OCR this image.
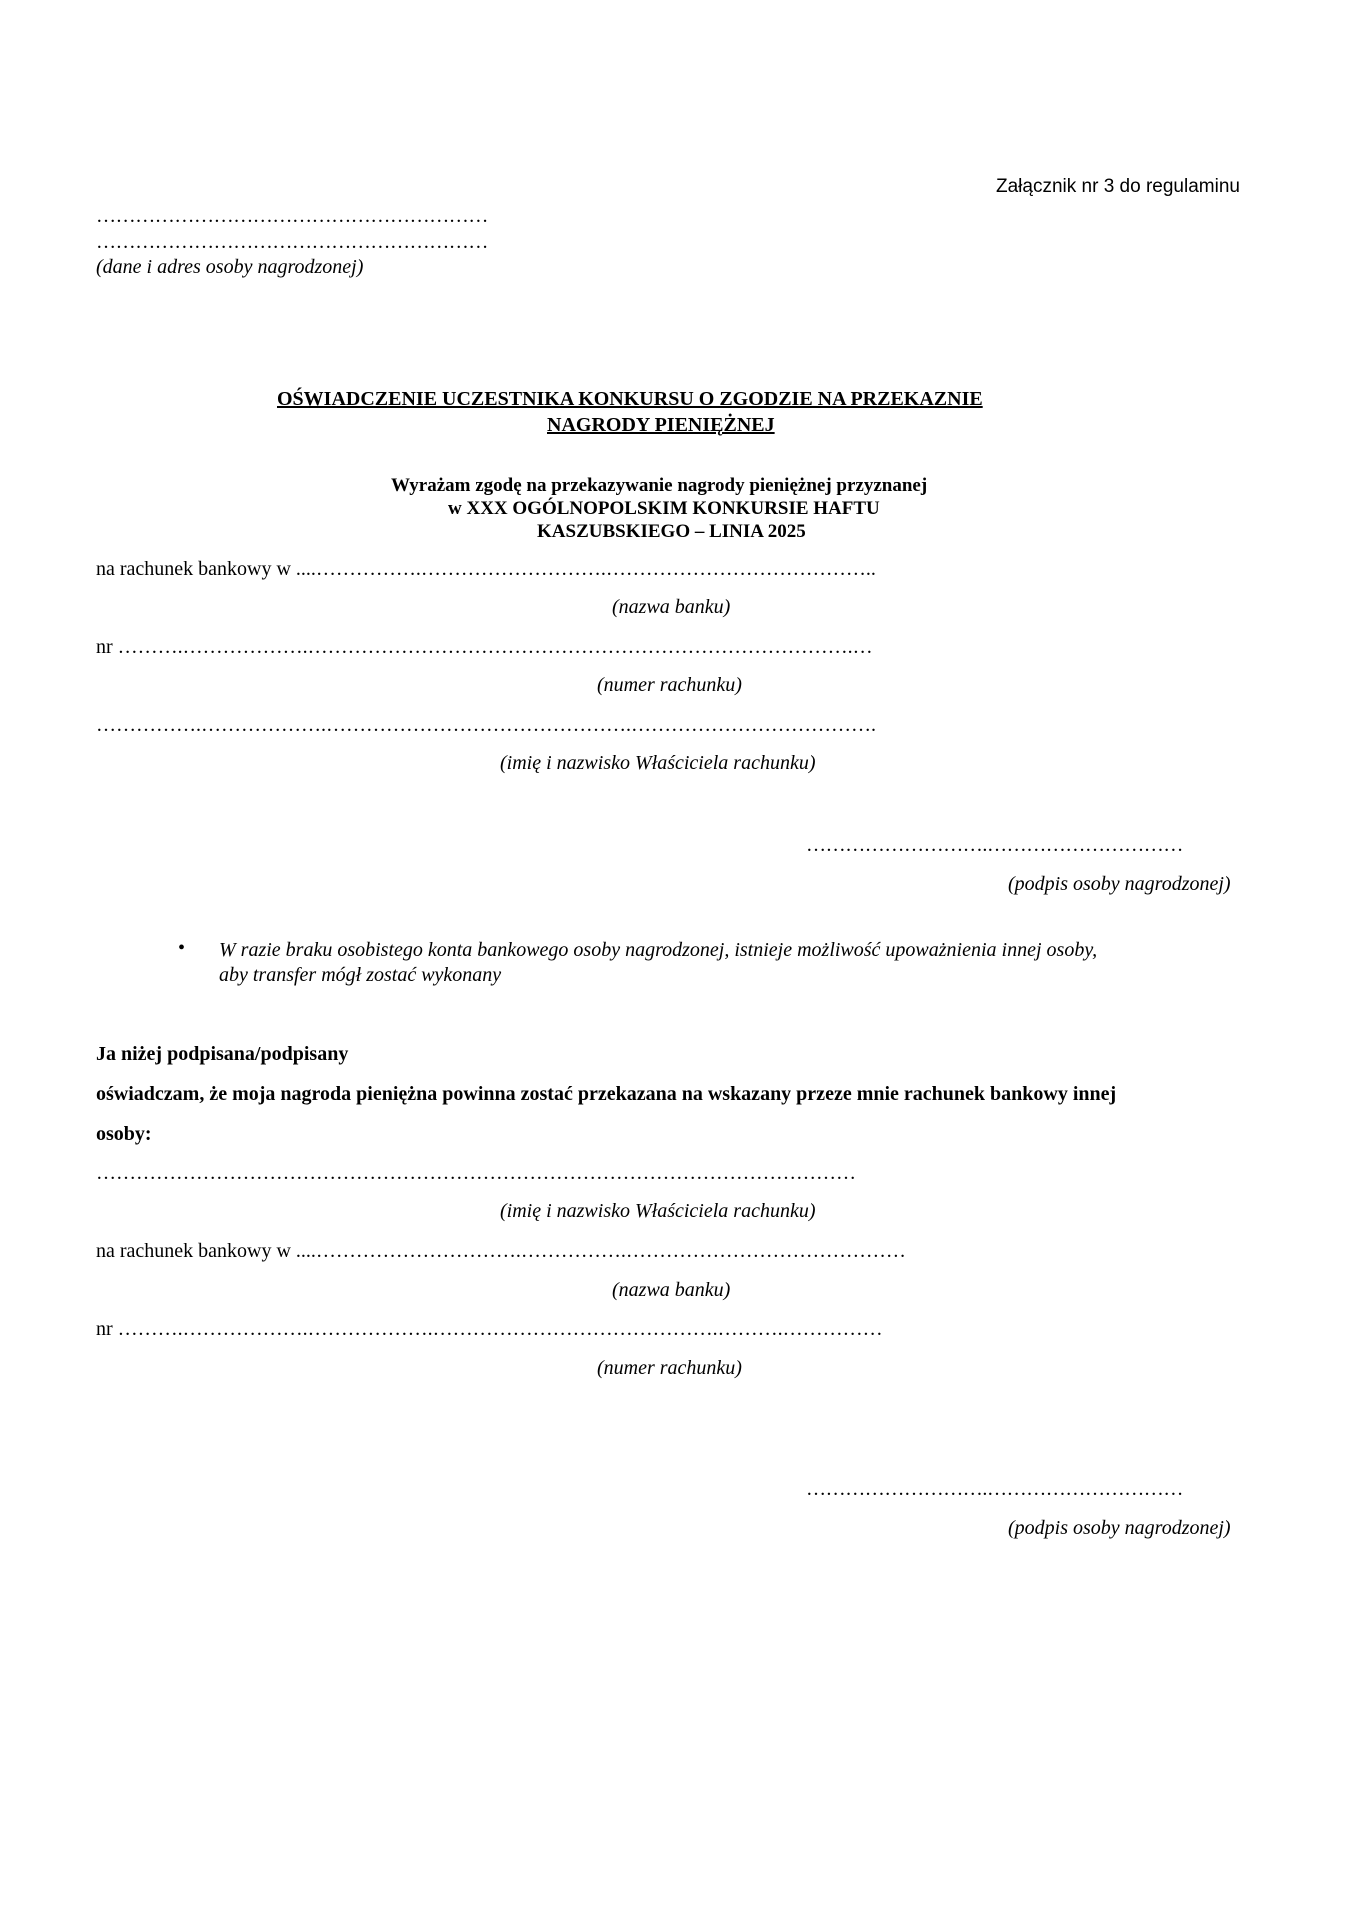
Załącznik nr 3 do regulaminu
……………………………………………………
……………………………………………………
(dane i adres osoby nagrodzonej)
OŚWIADCZENIE UCZESTNIKA KONKURSU O ZGODZIE NA PRZEKAZNIE
NAGRODY PIENIĘŻNEJ
Wyrażam zgodę na przekazywanie nagrody pieniężnej przyznanej
w XXX OGÓLNOPOLSKIM KONKURSIE HAFTU
KASZUBSKIEGO – LINIA 2025
na rachunek bankowy w ....…………….……………………….…………………………………..
(nazwa banku)
nr ……….……………….……………………………………………………………………….…
(numer rachunku)
…………….……………….……………………………………….……………………………….
(imię i nazwisko Właściciela rachunku)
……………………….…………………………
(podpis osoby nagrodzonej)
• W razie braku osobistego konta bankowego osoby nagrodzonej, istnieje możliwość upoważnienia innej osoby,
aby transfer mógł zostać wykonany
Ja niżej podpisana/podpisany
oświadczam, że moja nagroda pieniężna powinna zostać przekazana na wskazany przeze mnie rachunek bankowy innej
osoby:
……………………………………………………………………………………………………
(imię i nazwisko Właściciela rachunku)
na rachunek bankowy w ....………………………….…………….……………………………………
(nazwa banku)
nr ……….……………….……………….…………………………………….……….……………
(numer rachunku)
……………………….…………………………
(podpis osoby nagrodzonej)
